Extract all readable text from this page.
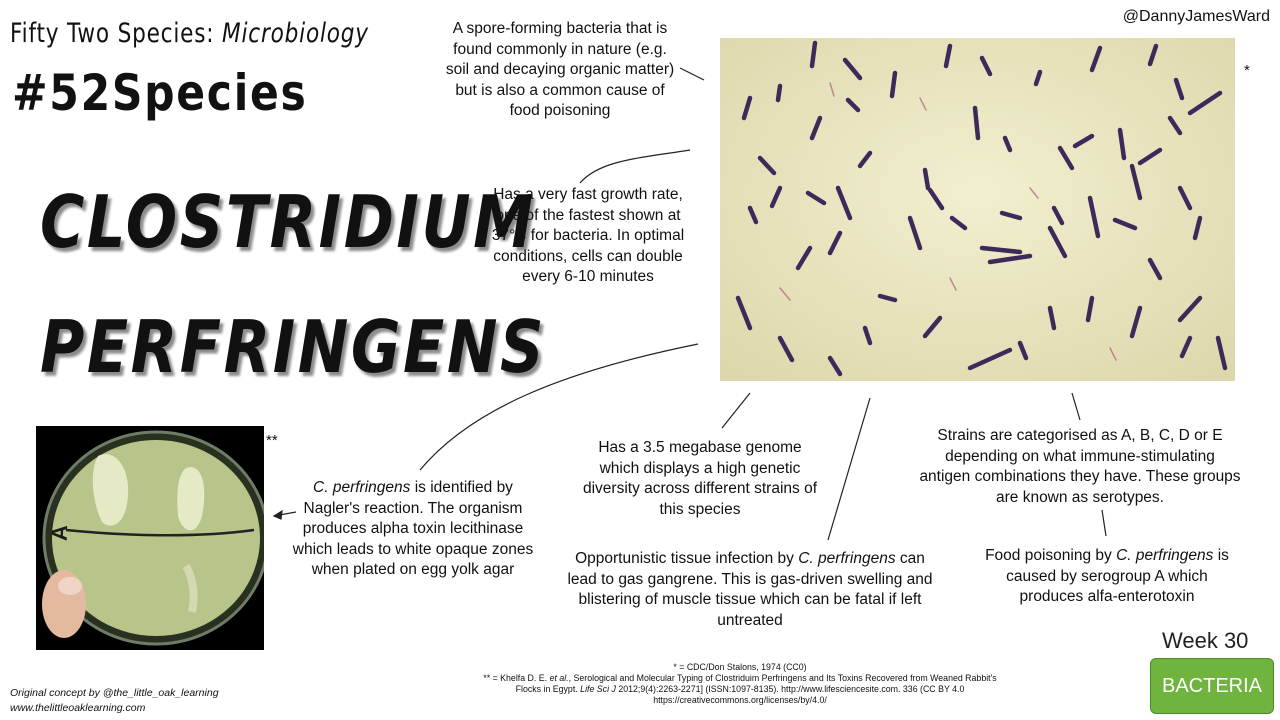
Fifty Two Species: Microbiology
#52Species
@DannyJamesWard
CLOSTRIDIUM
PERFRINGENS
*
A
**
A spore-forming bacteria that is found commonly in nature (e.g. soil and decaying organic matter) but is also a common cause of food poisoning
Has a very fast growth rate, one of the fastest shown at 37°C for bacteria. In optimal conditions, cells can double every 6-10 minutes
C. perfringens is identified by Nagler's reaction. The organism produces alpha toxin lecithinase which leads to white opaque zones when plated on egg yolk agar
Has a 3.5 megabase genome which displays a high genetic diversity across different strains of this species
Opportunistic tissue infection by C. perfringens can lead to gas gangrene. This is gas-driven swelling and blistering of muscle tissue which can be fatal if left untreated
Strains are categorised as A, B, C, D or E depending on what immune-stimulating antigen combinations they have. These groups are known as serotypes.
Food poisoning by C. perfringens is caused by serogroup A which produces alfa-enterotoxin
Week 30
BACTERIA
Original concept by @the_little_oak_learning
www.thelittleoaklearning.com
* = CDC/Don Stalons, 1974 (CC0)
** = Khelfa D. E. et al., Serological and Molecular Typing of Clostriduim Perfringens and Its Toxins Recovered from Weaned Rabbit's Flocks in Egypt. Life Sci J 2012;9(4):2263-2271] (ISSN:1097-8135). http://www.lifesciencesite.com. 336 (CC BY 4.0 https://creativecommons.org/licenses/by/4.0/
